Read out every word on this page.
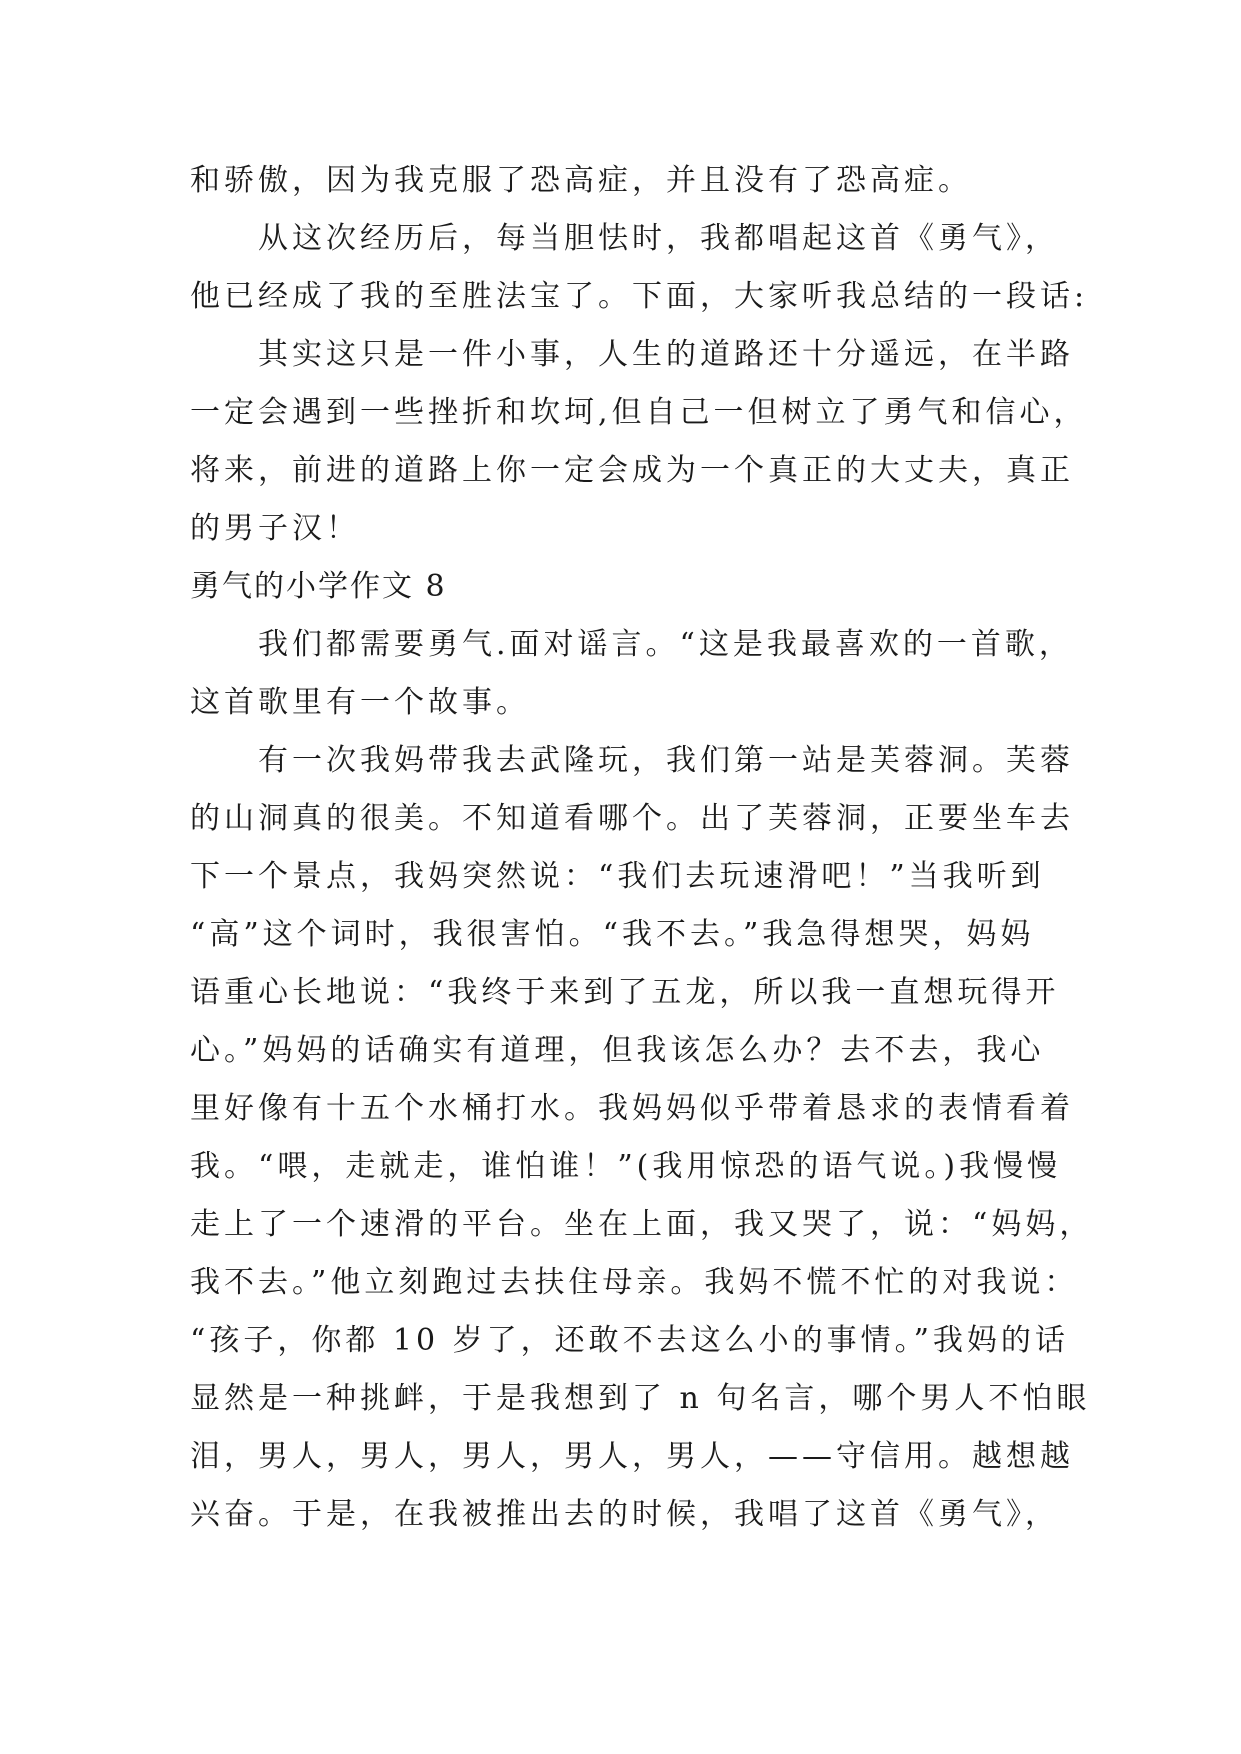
和骄傲，因为我克服了恐高症，并且没有了恐高症。
从这次经历后，每当胆怯时，我都唱起这首《勇气》，
他已经成了我的至胜法宝了。下面，大家听我总结的一段话:
其实这只是一件小事，人生的道路还十分遥远，在半路
一定会遇到一些挫折和坎坷,但自己一但树立了勇气和信心，
将来，前进的道路上你一定会成为一个真正的大丈夫，真正
的男子汉！
勇气的小学作文 8
我们都需要勇气.面对谣言。“这是我最喜欢的一首歌，
这首歌里有一个故事。
有一次我妈带我去武隆玩，我们第一站是芙蓉洞。芙蓉
的山洞真的很美。不知道看哪个。出了芙蓉洞，正要坐车去
下一个景点，我妈突然说：“我们去玩速滑吧！”当我听到
“高”这个词时，我很害怕。“我不去。”我急得想哭，妈妈
语重心长地说：“我终于来到了五龙，所以我一直想玩得开
心。”妈妈的话确实有道理，但我该怎么办？去不去，我心
里好像有十五个水桶打水。我妈妈似乎带着恳求的表情看着
我。“喂，走就走，谁怕谁！”(我用惊恐的语气说。)我慢慢
走上了一个速滑的平台。坐在上面，我又哭了，说：“妈妈，
我不去。”他立刻跑过去扶住母亲。我妈不慌不忙的对我说：
“孩子，你都 10 岁了，还敢不去这么小的事情。”我妈的话
显然是一种挑衅，于是我想到了 n 句名言，哪个男人不怕眼
泪，男人，男人，男人，男人，男人，——守信用。越想越
兴奋。于是，在我被推出去的时候，我唱了这首《勇气》，
